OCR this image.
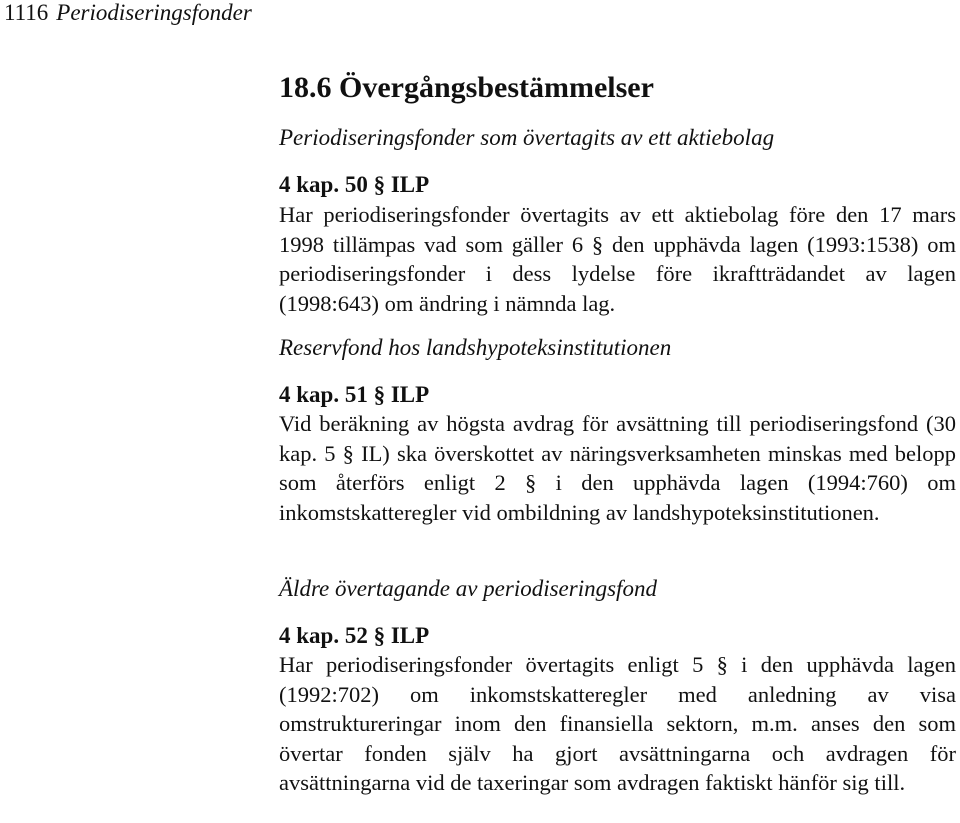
1116 Periodiseringsfonder
18.6 Övergångsbestämmelser
Periodiseringsfonder som övertagits av ett aktiebolag
4 kap. 50 § ILP
Har periodiseringsfonder övertagits av ett aktiebolag före den 17 mars 1998 tillämpas vad som gäller 6 § den upphävda lagen (1993:1538) om periodiseringsfonder i dess lydelse före ikraftträdandet av lagen (1998:643) om ändring i nämnda lag.
Reservfond hos landshypoteksinstitutionen
4 kap. 51 § ILP
Vid beräkning av högsta avdrag för avsättning till periodiseringsfond (30 kap. 5 § IL) ska överskottet av näringsverksamheten minskas med belopp som återförs enligt 2 § i den upphävda lagen (1994:760) om inkomstskatteregler vid ombildning av landshypoteksinstitutionen.
Äldre övertagande av periodiseringsfond
4 kap. 52 § ILP
Har periodiseringsfonder övertagits enligt 5 § i den upphävda lagen (1992:702) om inkomstskatteregler med anledning av visa omstruktureringar inom den finansiella sektorn, m.m. anses den som övertar fonden själv ha gjort avsättningarna och avdragen för avsättningarna vid de taxeringar som avdragen faktiskt hänför sig till.
